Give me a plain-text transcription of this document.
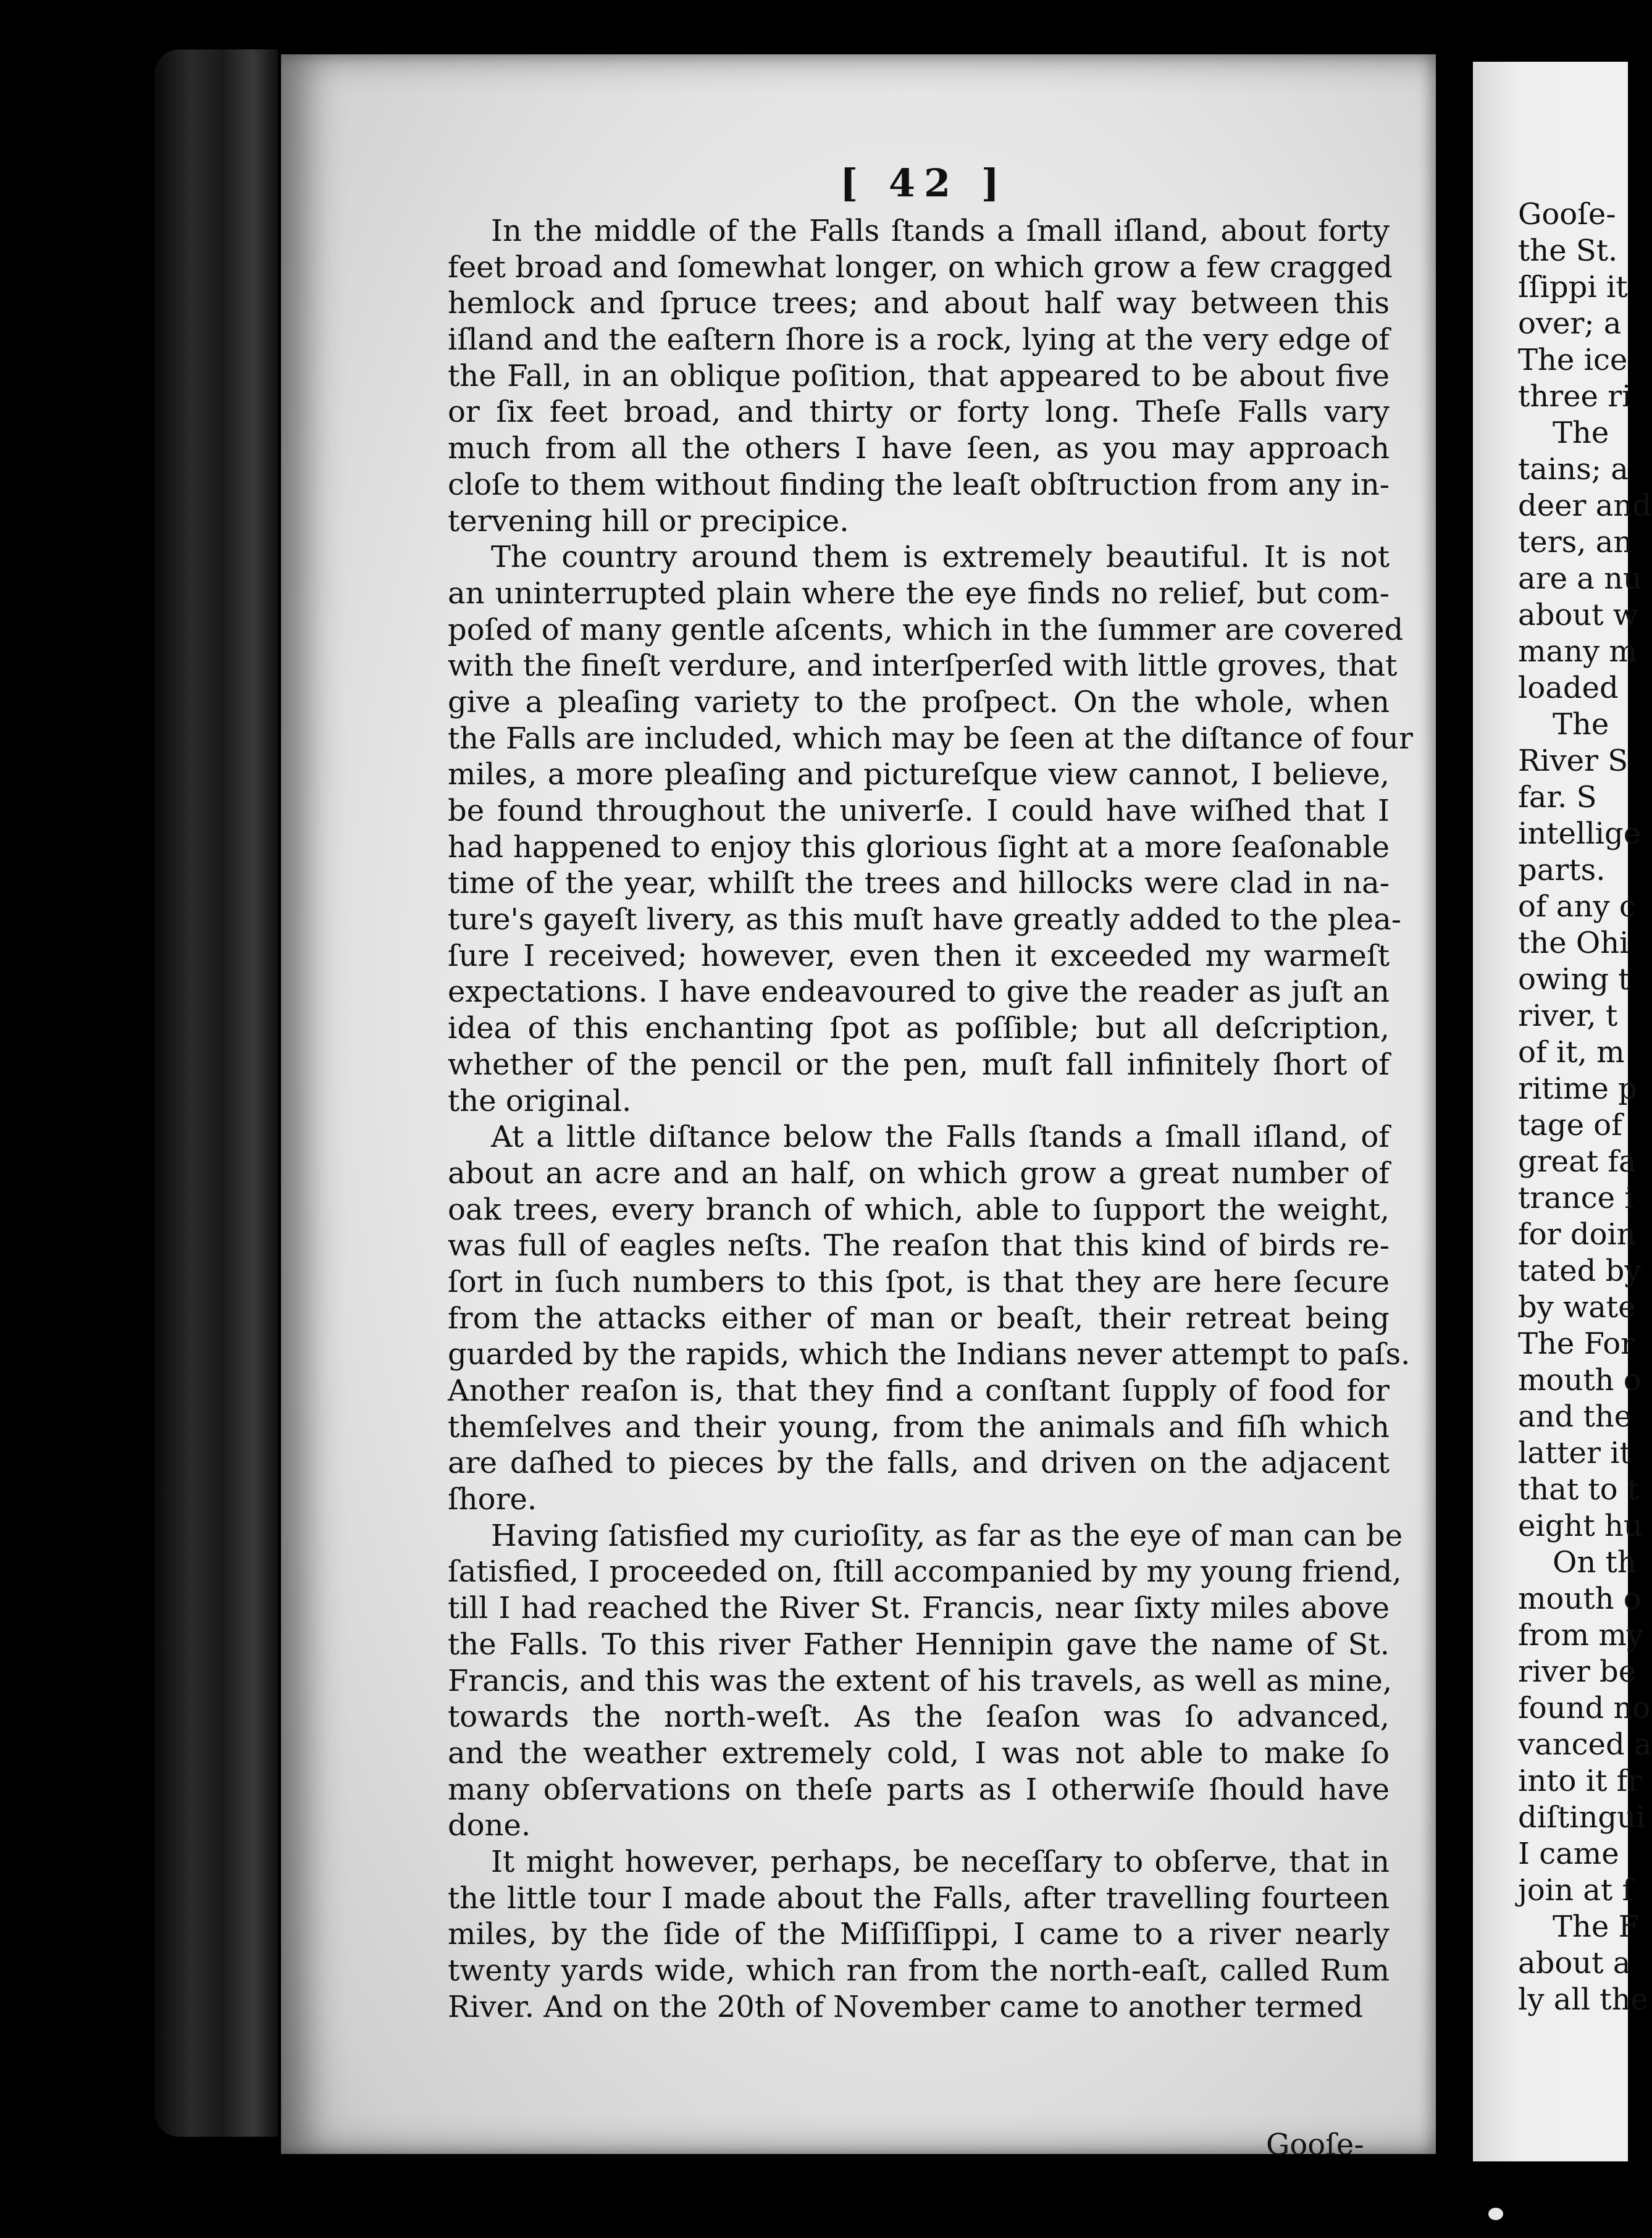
[ 42 ]
In the middle of the Falls ſtands a ſmall iſland, about forty
feet broad and ſomewhat longer, on which grow a few cragged
hemlock and ſpruce trees; and about half way between this
iſland and the eaſtern ſhore is a rock, lying at the very edge of
the Fall, in an oblique poſition, that appeared to be about five
or ſix feet broad, and thirty or forty long. Theſe Falls vary
much from all the others I have ſeen, as you may approach
cloſe to them without finding the leaſt obſtruction from any in-
tervening hill or precipice.
The country around them is extremely beautiful. It is not
an uninterrupted plain where the eye finds no relief, but com-
poſed of many gentle aſcents, which in the ſummer are covered
with the fineſt verdure, and interſperſed with little groves, that
give a pleaſing variety to the proſpect. On the whole, when
the Falls are included, which may be ſeen at the diſtance of four
miles, a more pleaſing and pictureſque view cannot, I believe,
be found throughout the univerſe. I could have wiſhed that I
had happened to enjoy this glorious ſight at a more ſeaſonable
time of the year, whilſt the trees and hillocks were clad in na-
ture's gayeſt livery, as this muſt have greatly added to the plea-
ſure I received; however, even then it exceeded my warmeſt
expectations. I have endeavoured to give the reader as juſt an
idea of this enchanting ſpot as poſſible; but all deſcription,
whether of the pencil or the pen, muſt fall infinitely ſhort of
the original.
At a little diſtance below the Falls ſtands a ſmall iſland, of
about an acre and an half, on which grow a great number of
oak trees, every branch of which, able to ſupport the weight,
was full of eagles neſts. The reaſon that this kind of birds re-
ſort in ſuch numbers to this ſpot, is that they are here ſecure
from the attacks either of man or beaſt, their retreat being
guarded by the rapids, which the Indians never attempt to paſs.
Another reaſon is, that they find a conſtant ſupply of food for
themſelves and their young, from the animals and fiſh which
are daſhed to pieces by the falls, and driven on the adjacent
ſhore.
Having ſatisfied my curioſity, as far as the eye of man can be
ſatisfied, I proceeded on, ſtill accompanied by my young friend,
till I had reached the River St. Francis, near ſixty miles above
the Falls. To this river Father Hennipin gave the name of St.
Francis, and this was the extent of his travels, as well as mine,
towards the north-weſt. As the ſeaſon was ſo advanced,
and the weather extremely cold, I was not able to make ſo
many obſervations on theſe parts as I otherwiſe ſhould have
done.
It might however, perhaps, be neceſſary to obſerve, that in
the little tour I made about the Falls, after travelling fourteen
miles, by the ſide of the Miſſiſſippi, I came to a river nearly
twenty yards wide, which ran from the north-eaſt, called Rum
River. And on the 20th of November came to another termed
Gooſe-
Gooſe-
the St.
ſſippi it
over; a
The ice
three ri
The
tains; a
deer and
ters, an
are a nu
about w
many m
loaded
The
River S
far. S
intellige
parts.
of any c
the Ohi
owing t
river, t
of it, m
ritime p
tage of
great fa
trance i
for doin
tated by
by wate
The For
mouth o
and the
latter it
that to t
eight hu
On th
mouth o
from my
river be
found no
vanced a
into it fr
diſtingui
I came
join at ſ
The F
about a
ly all the
